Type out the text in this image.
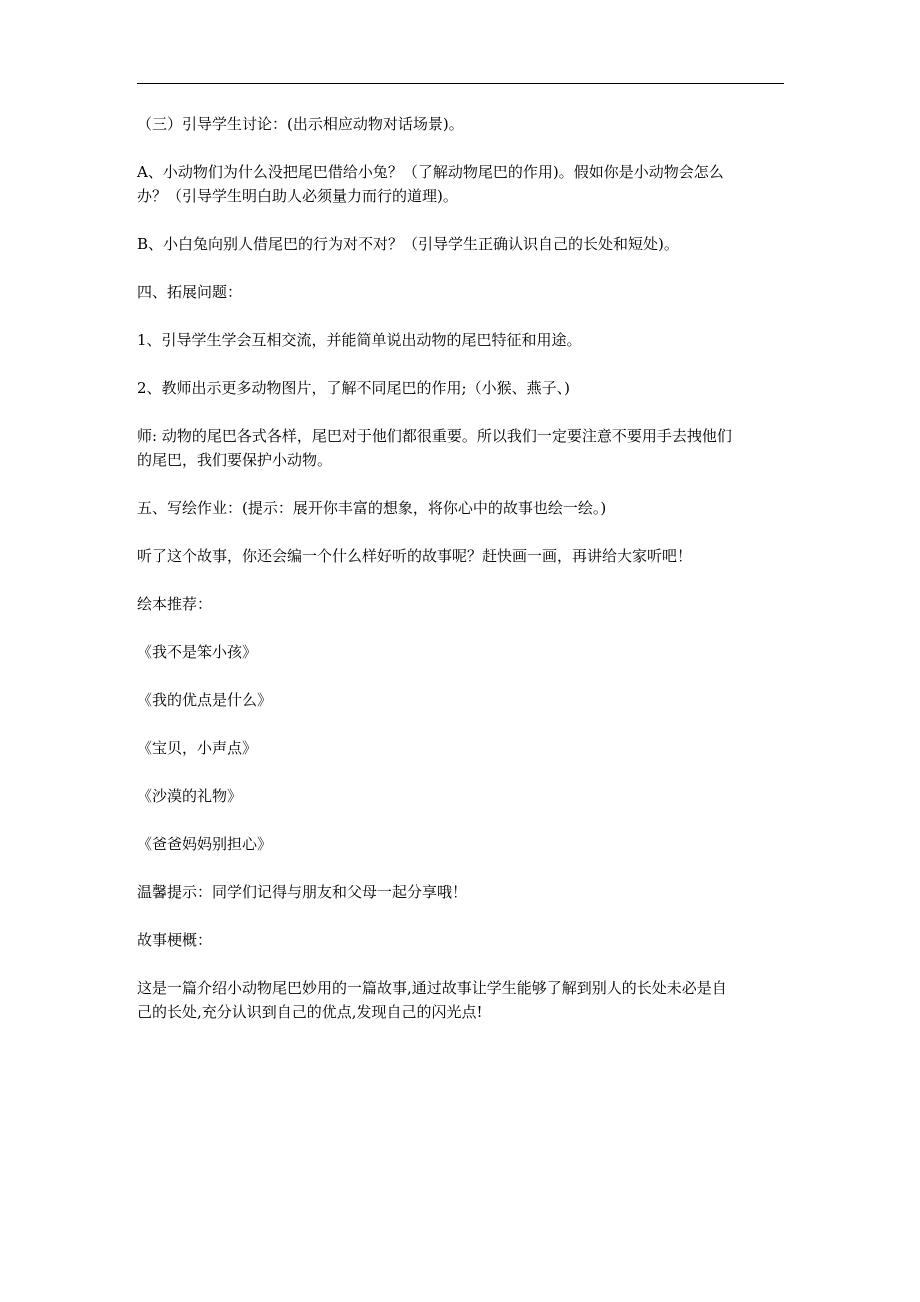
（三）引导学生讨论：(出示相应动物对话场景)。
A、小动物们为什么没把尾巴借给小兔？（了解动物尾巴的作用)。假如你是小动物会怎么
办？（引导学生明白助人必须量力而行的道理)。
B、小白兔向别人借尾巴的行为对不对？（引导学生正确认识自己的长处和短处)。
四、拓展问题：
1、引导学生学会互相交流，并能简单说出动物的尾巴特征和用途。
2、教师出示更多动物图片，了解不同尾巴的作用;（小猴、燕子、)
师: 动物的尾巴各式各样，尾巴对于他们都很重要。所以我们一定要注意不要用手去拽他们
的尾巴，我们要保护小动物。
五、写绘作业：(提示：展开你丰富的想象，将你心中的故事也绘一绘。)
听了这个故事，你还会编一个什么样好听的故事呢？赶快画一画，再讲给大家听吧！
绘本推荐：
《我不是笨小孩》
《我的优点是什么》
《宝贝，小声点》
《沙漠的礼物》
《爸爸妈妈别担心》
温馨提示：同学们记得与朋友和父母一起分享哦！
故事梗概：
这是一篇介绍小动物尾巴妙用的一篇故事,通过故事让学生能够了解到别人的长处未必是自
己的长处,充分认识到自己的优点,发现自己的闪光点!
